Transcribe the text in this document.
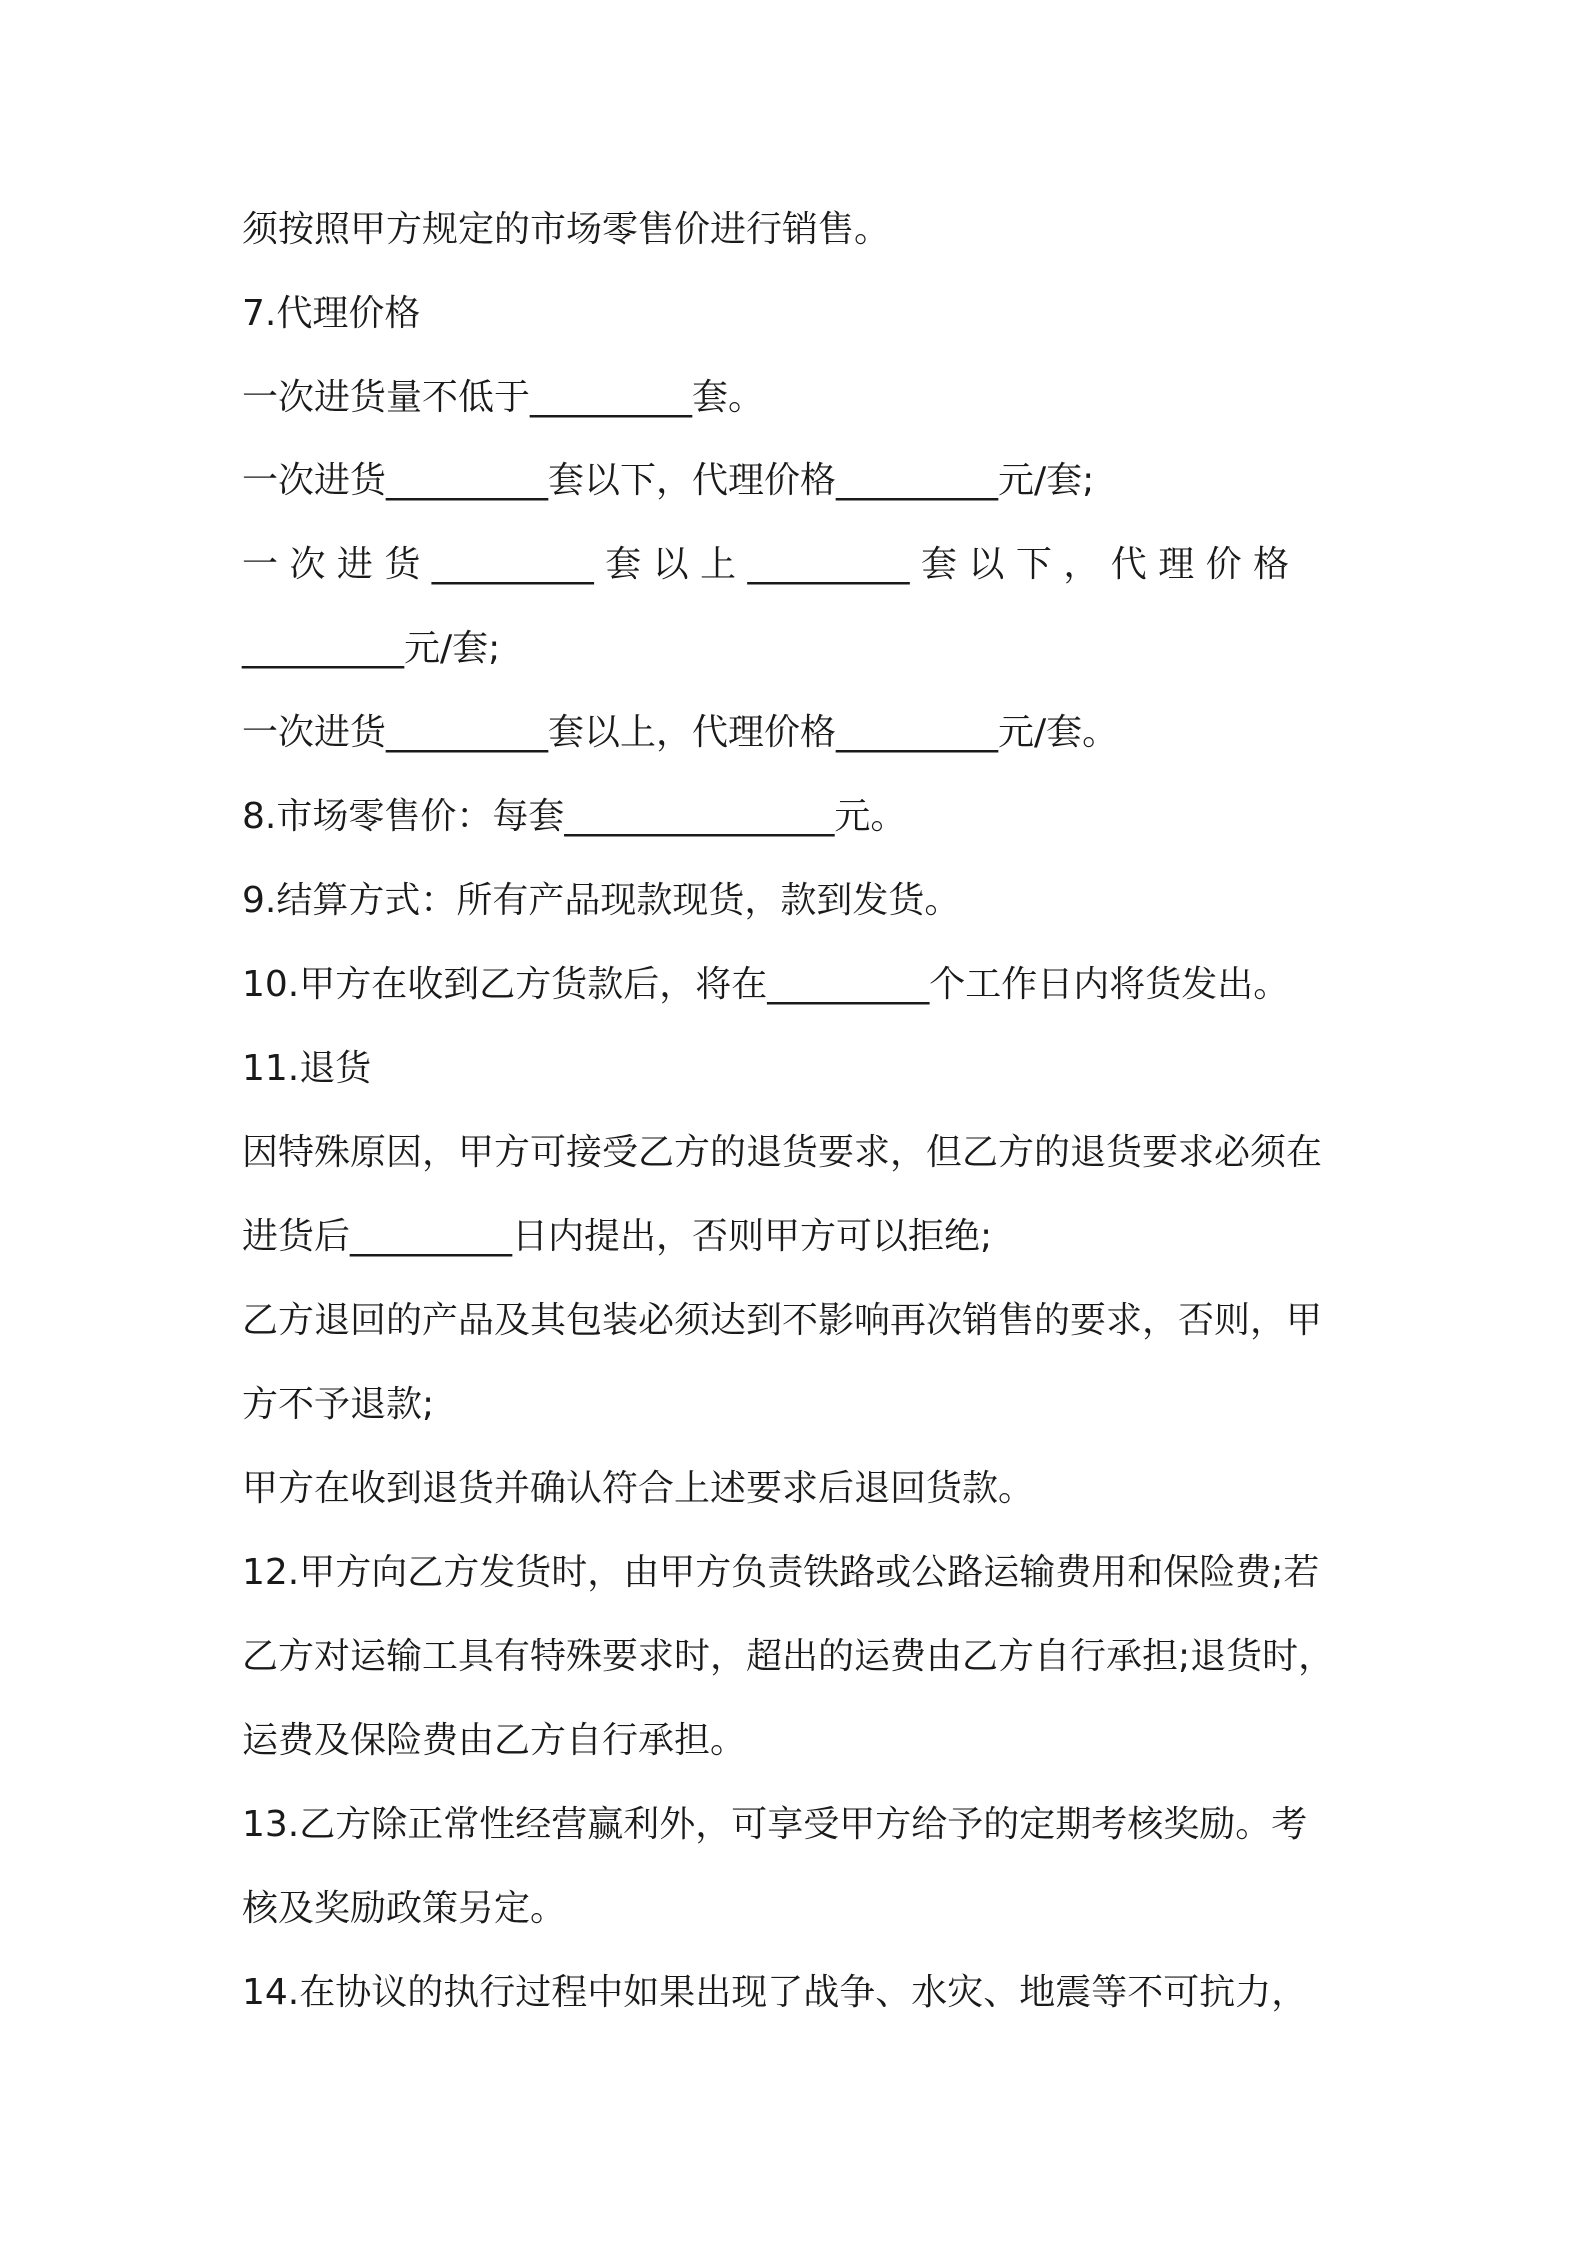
须按照甲方规定的市场零售价进行销售。
7.代理价格
一次进货量不低于_________套。
一次进货_________套以下，代理价格_________元/套;
一 次 进 货 _________ 套 以 上 _________ 套 以 下 ， 代 理 价 格
_________元/套;
一次进货_________套以上，代理价格_________元/套。
8.市场零售价：每套_______________元。
9.结算方式：所有产品现款现货，款到发货。
10.甲方在收到乙方货款后，将在_________个工作日内将货发出。
11.退货
因特殊原因，甲方可接受乙方的退货要求，但乙方的退货要求必须在
进货后_________日内提出，否则甲方可以拒绝;
乙方退回的产品及其包装必须达到不影响再次销售的要求，否则，甲
方不予退款;
甲方在收到退货并确认符合上述要求后退回货款。
12.甲方向乙方发货时，由甲方负责铁路或公路运输费用和保险费;若
乙方对运输工具有特殊要求时，超出的运费由乙方自行承担;退货时，
运费及保险费由乙方自行承担。
13.乙方除正常性经营赢利外，可享受甲方给予的定期考核奖励。考
核及奖励政策另定。
14.在协议的执行过程中如果出现了战争、水灾、地震等不可抗力，
